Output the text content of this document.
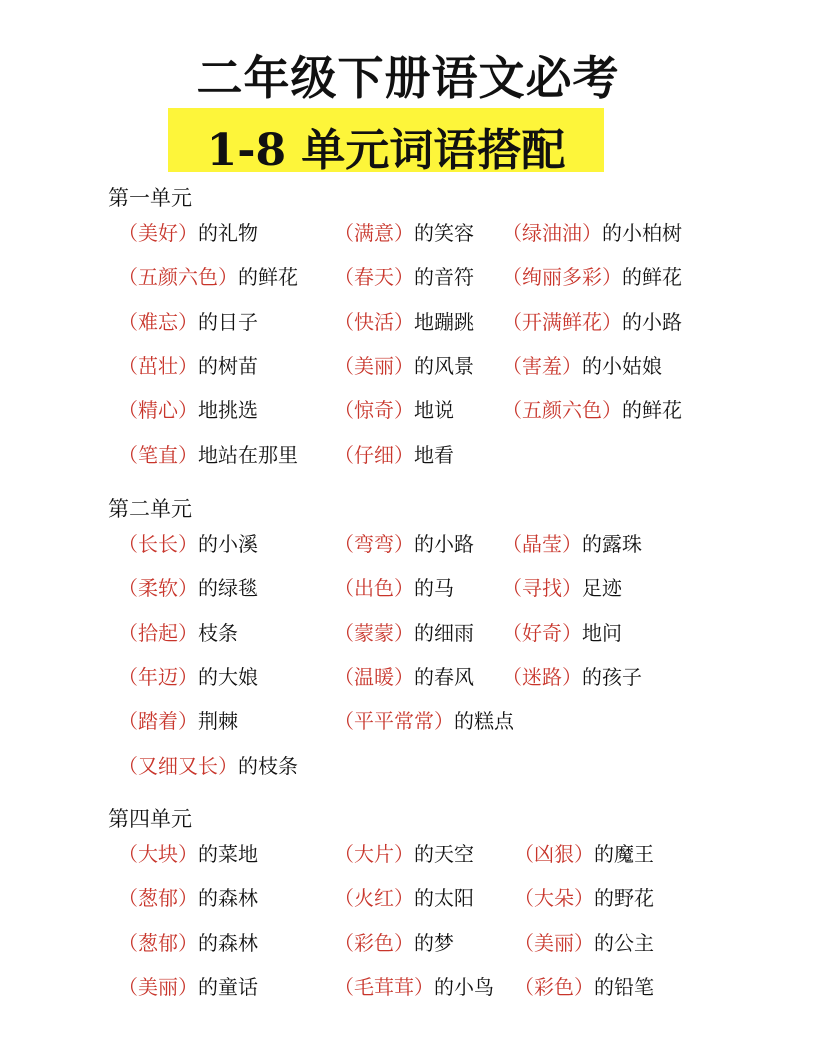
二年级下册语文必考
1-8 单元词语搭配
第一单元
（美好）的礼物	（满意）的笑容 （绿油油）的小柏树
（五颜六色）的鲜花 （春天）的音符 （绚丽多彩）的鲜花
（难忘）的日子	（快活）地蹦跳 （开满鲜花）的小路
（茁壮）的树苗	（美丽）的风景 （害羞）的小姑娘
（精心）地挑选	（惊奇）地说 （五颜六色）的鲜花
（笔直）地站在那里 （仔细）地看
第二单元
（长长）的小溪	（弯弯）的小路 （晶莹）的露珠
（柔软）的绿毯	（出色）的马 （寻找）足迹
（拾起）枝条	（蒙蒙）的细雨 （好奇）地问
（年迈）的大娘	（温暖）的春风 （迷路）的孩子
（踏着）荆棘	（平平常常）的糕点
（又细又长）的枝条
第四单元
（大块）的菜地	（大片）的天空 （凶狠）的魔王
（葱郁）的森林	（火红）的太阳 （大朵）的野花
（葱郁）的森林	（彩色）的梦	（美丽）的公主
（美丽）的童话	（毛茸茸）的小鸟 （彩色）的铅笔
